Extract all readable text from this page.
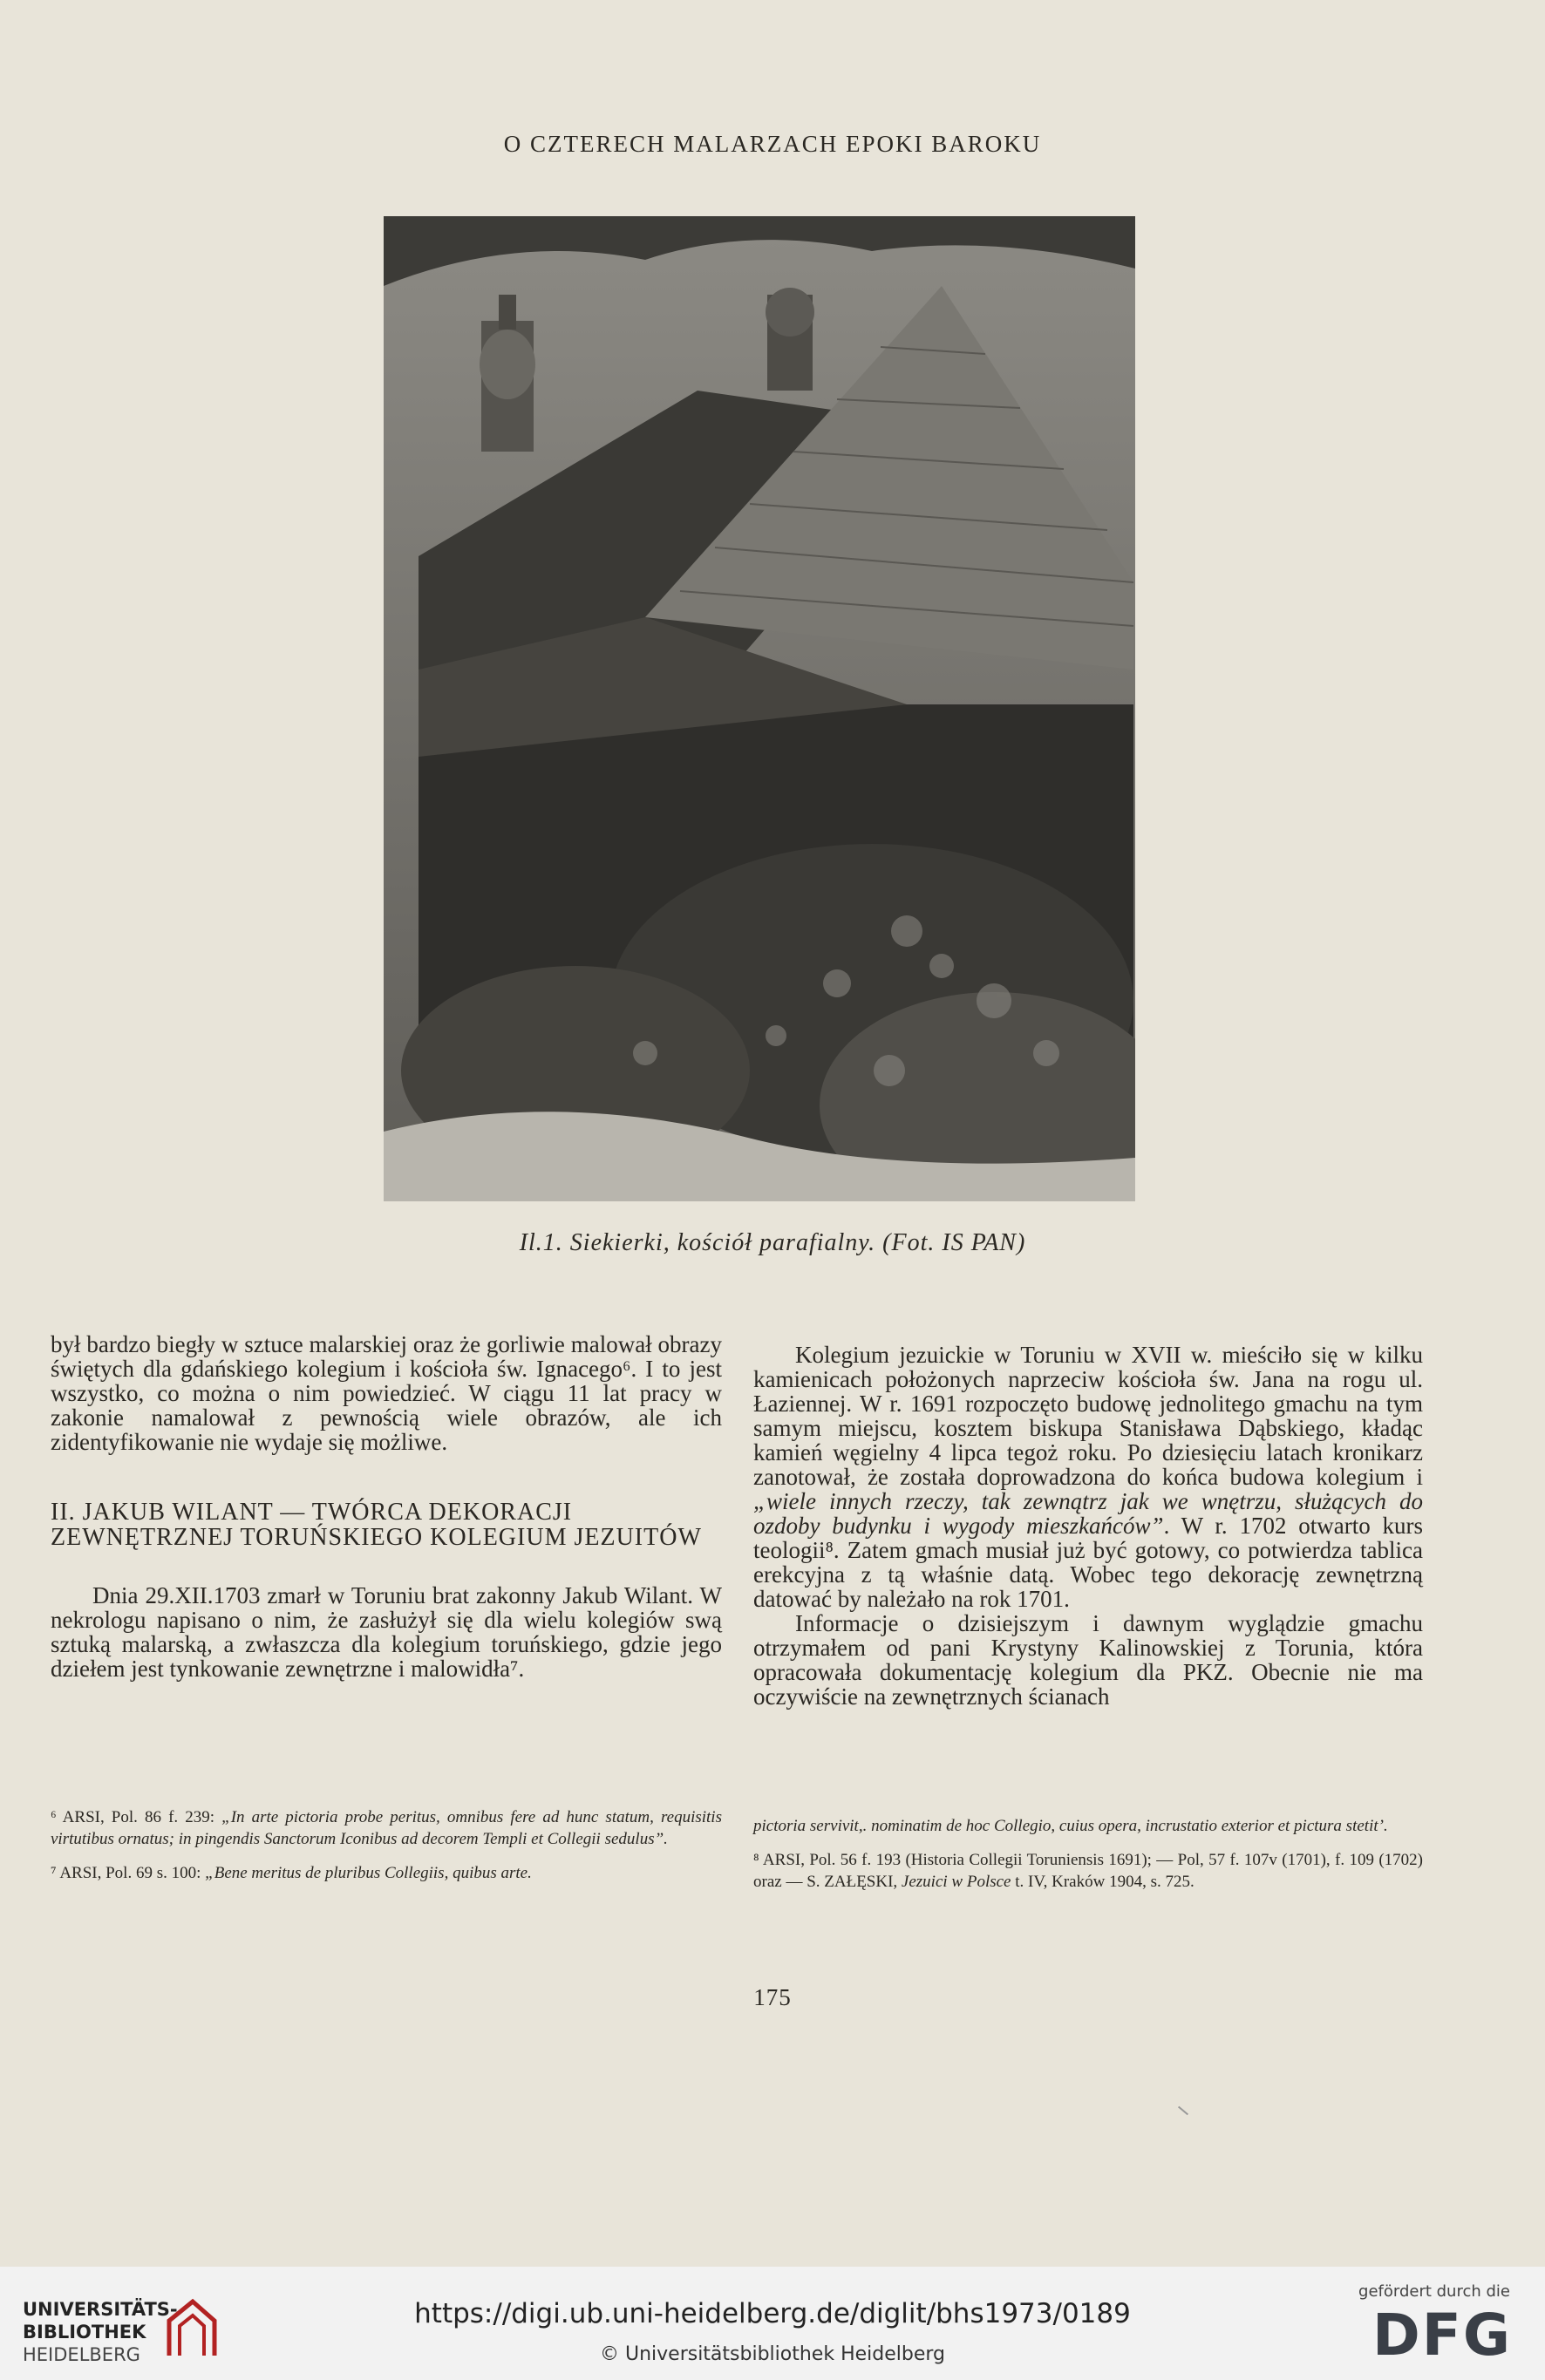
O CZTERECH MALARZACH EPOKI BAROKU
Il.1. Siekierki, kościół parafialny. (Fot. IS PAN)

był bardzo biegły w sztuce malarskiej oraz że gorliwie malował obrazy świętych dla gdańskiego kolegium i kościoła św. Ignacego⁶. I to jest wszystko, co można o nim powiedzieć. W ciągu 11 lat pracy w zakonie namalował z pewnością wiele obrazów, ale ich zidentyfikowanie nie wydaje się możliwe.

II. JAKUB WILANT — TWÓRCA DEKORACJI ZEWNĘTRZNEJ TORUŃSKIEGO KOLEGIUM JEZUITÓW

Dnia 29.XII.1703 zmarł w Toruniu brat zakonny Jakub Wilant. W nekrologu napisano o nim, że zasłużył się dla wielu kolegiów swą sztuką malarską, a zwłaszcza dla kolegium toruńskiego, gdzie jego dziełem jest tynkowanie zewnętrzne i malowidła⁷.

Kolegium jezuickie w Toruniu w XVII w. mieściło się w kilku kamienicach położonych naprzeciw kościoła św. Jana na rogu ul. Łaziennej. W r. 1691 rozpoczęto budowę jednolitego gmachu na tym samym miejscu, kosztem biskupa Stanisława Dąbskiego, kładąc kamień węgielny 4 lipca tegoż roku. Po dziesięciu latach kronikarz zanotował, że została doprowadzona do końca budowa kolegium i „wiele innych rzeczy, tak zewnątrz jak we wnętrzu, służących do ozdoby budynku i wygody mieszkańców”. W r. 1702 otwarto kurs teologii⁸. Zatem gmach musiał już być gotowy, co potwierdza tablica erekcyjna z tą właśnie datą. Wobec tego dekorację zewnętrzną datować by należało na rok 1701.

Informacje o dzisiejszym i dawnym wyglądzie gmachu otrzymałem od pani Krystyny Kalinowskiej z Torunia, która opracowała dokumentację kolegium dla PKZ. Obecnie nie ma oczywiście na zewnętrznych ścianach

⁶ ARSI, Pol. 86 f. 239: „In arte pictoria probe peritus, omnibus fere ad hunc statum, requisitis virtutibus ornatus; in pingendis Sanctorum Iconibus ad decorem Templi et Collegii sedulus”.

⁷ ARSI, Pol. 69 s. 100: „Bene meritus de pluribus Collegiis, quibus arte.

pictoria servivit,. nominatim de hoc Collegio, cuius opera, incrustatio exterior et pictura stetit’.

⁸ ARSI, Pol. 56 f. 193 (Historia Collegii Toruniensis 1691); — Pol, 57 f. 107v (1701), f. 109 (1702) oraz — S. ZAŁĘSKI, Jezuici w Polsce t. IV, Kraków 1904, s. 725.

175
UNIVERSITÄTS-
BIBLIOTHEK
HEIDELBERG
https://digi.ub.uni-heidelberg.de/diglit/bhs1973/0189
© Universitätsbibliothek Heidelberg
gefördert durch die
DFG
